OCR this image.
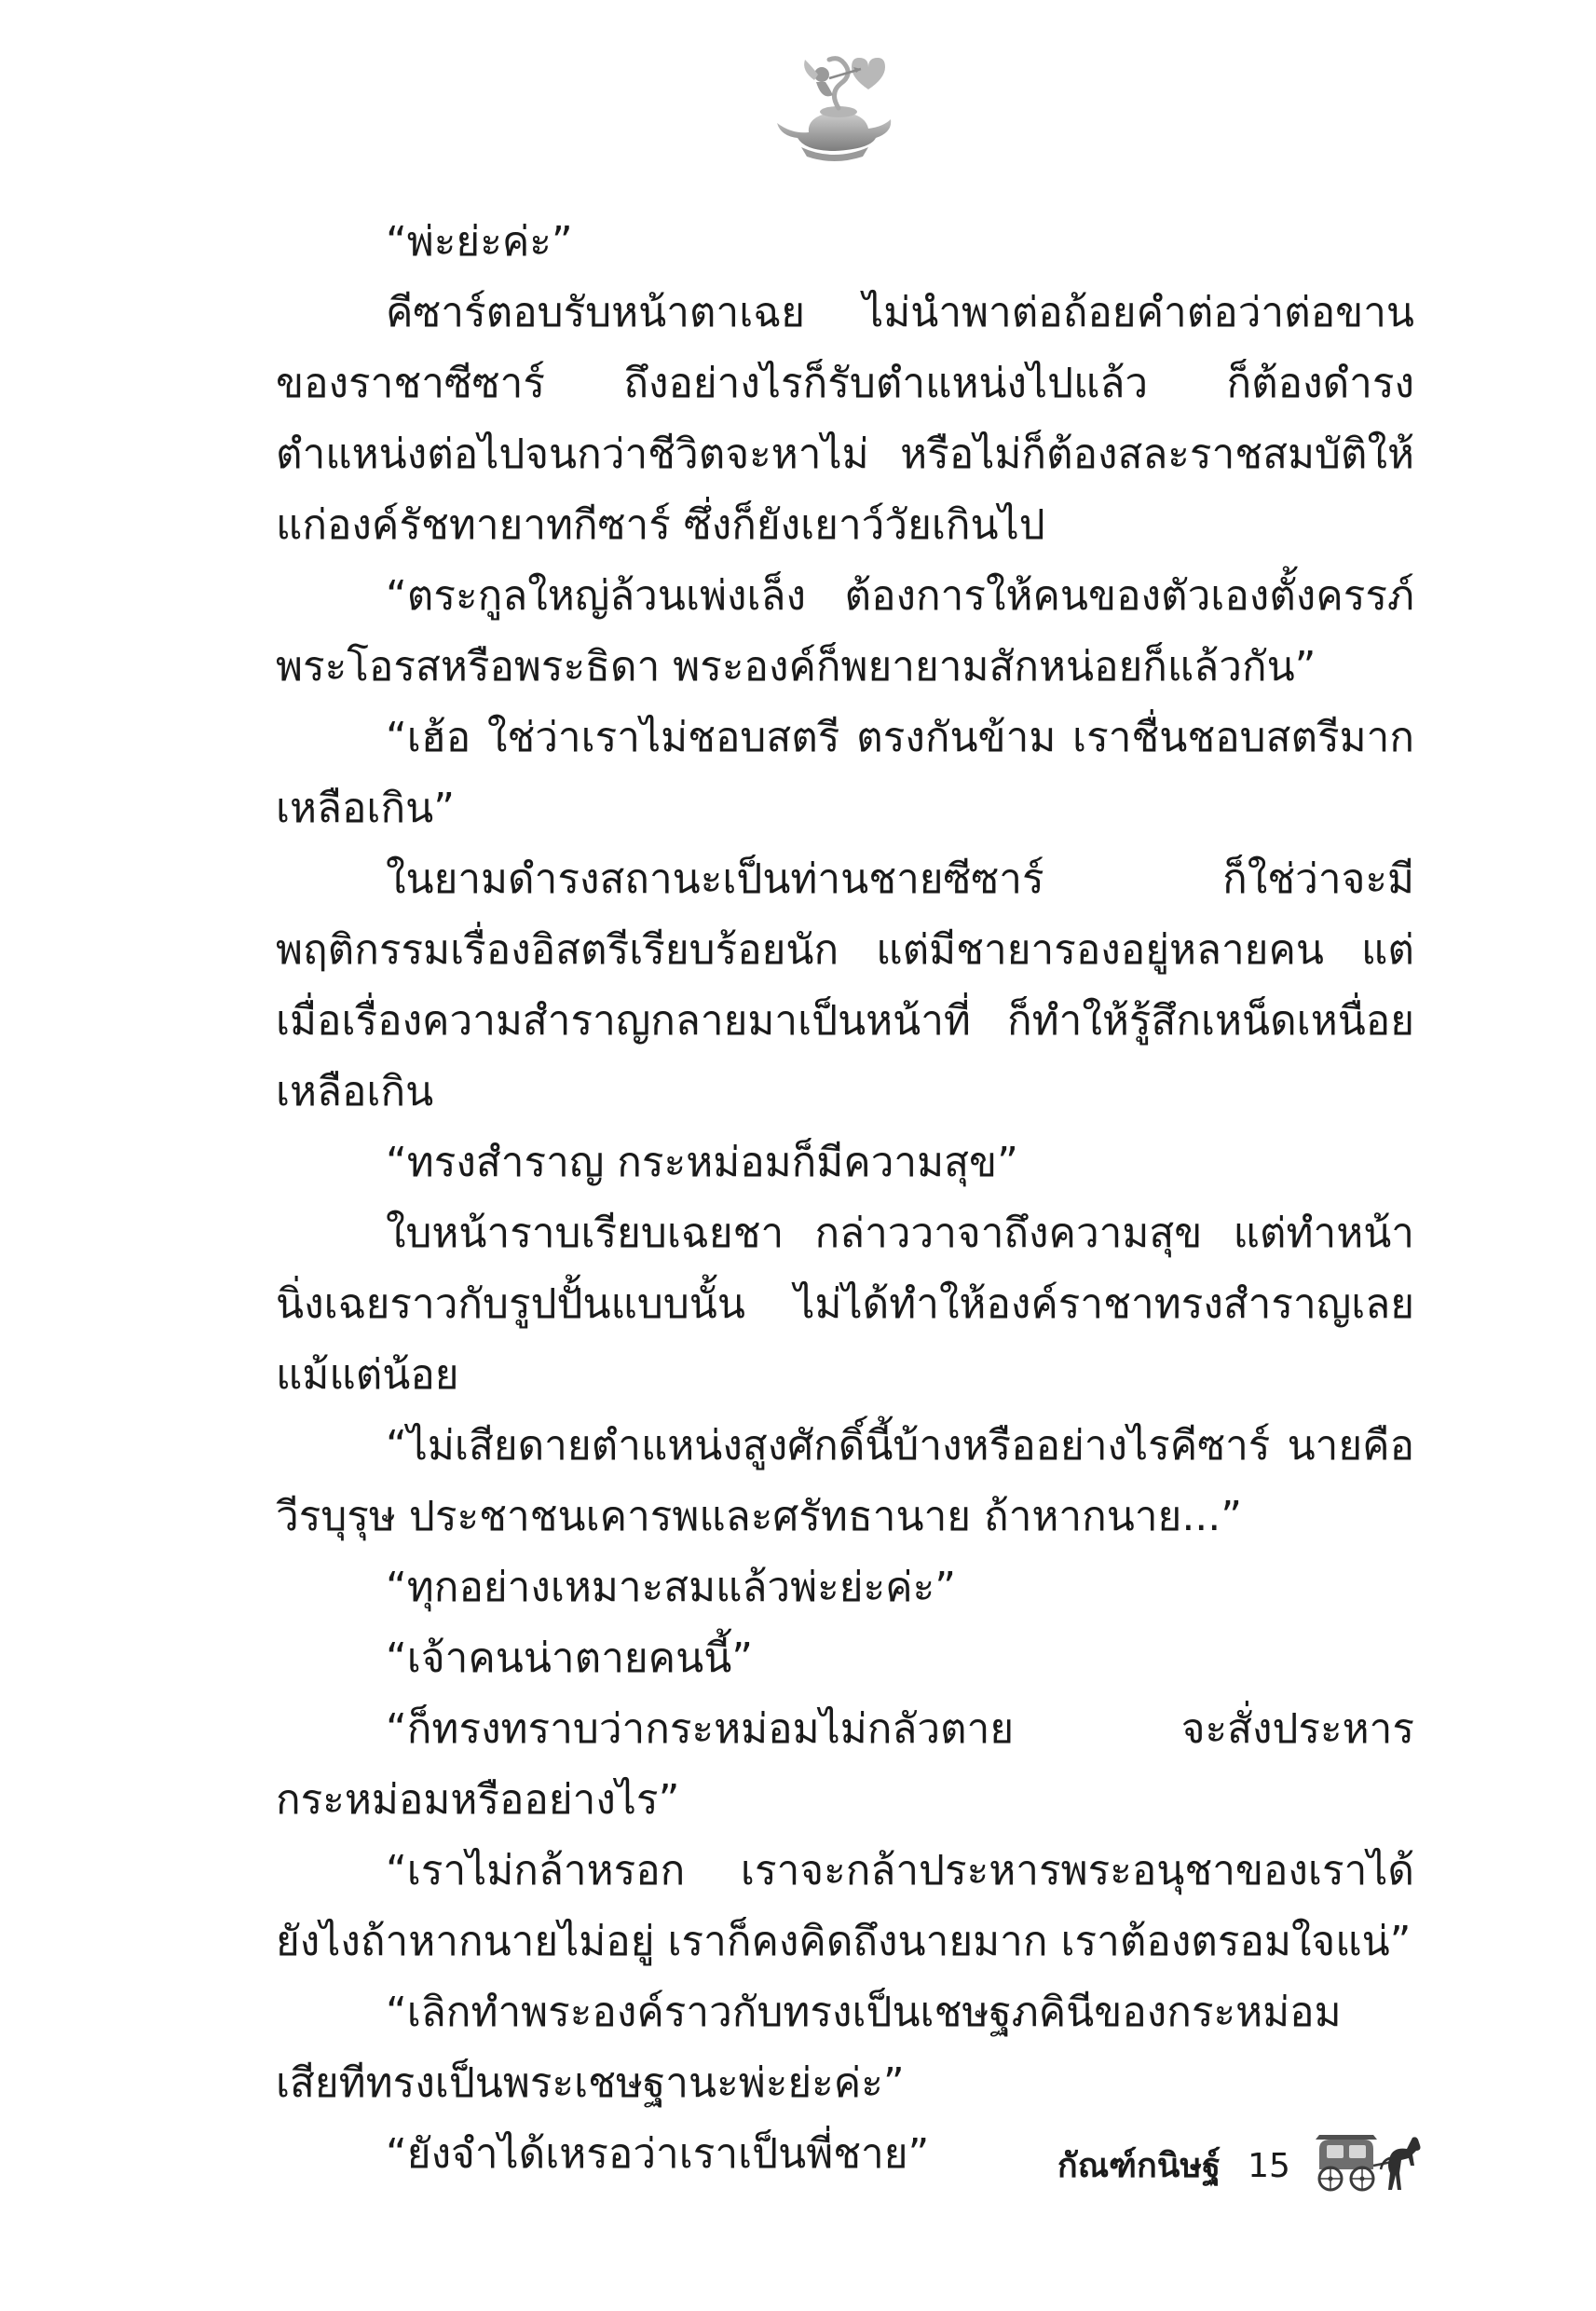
“พ่ะย่ะค่ะ”

คีซาร์ตอบรับหน้าตาเฉย ไม่นำพาต่อถ้อยคำต่อว่าต่อขานของราชาซีซาร์ ถึงอย่างไรก็รับตำแหน่งไปแล้ว ก็ต้องดำรงตำแหน่งต่อไปจนกว่าชีวิตจะหาไม่ หรือไม่ก็ต้องสละราชสมบัติให้แก่องค์รัชทายาทกีซาร์ ซึ่งก็ยังเยาว์วัยเกินไป

“ตระกูลใหญ่ล้วนเพ่งเล็ง ต้องการให้คนของตัวเองตั้งครรภ์พระโอรสหรือพระธิดา พระองค์ก็พยายามสักหน่อยก็แล้วกัน”

“เฮ้อ ใช่ว่าเราไม่ชอบสตรี ตรงกันข้าม เราชื่นชอบสตรีมากเหลือเกิน”

ในยามดำรงสถานะเป็นท่านชายซีซาร์ ก็ใช่ว่าจะมีพฤติกรรมเรื่องอิสตรีเรียบร้อยนัก แต่มีชายารองอยู่หลายคน แต่เมื่อเรื่องความสำราญกลายมาเป็นหน้าที่ ก็ทำให้รู้สึกเหน็ดเหนื่อยเหลือเกิน

“ทรงสำราญ กระหม่อมก็มีความสุข”

ใบหน้าราบเรียบเฉยชา กล่าววาจาถึงความสุข แต่ทำหน้านิ่งเฉยราวกับรูปปั้นแบบนั้น ไม่ได้ทำให้องค์ราชาทรงสำราญเลยแม้แต่น้อย

“ไม่เสียดายตำแหน่งสูงศักดิ์นี้บ้างหรืออย่างไรคีซาร์ นายคือวีรบุรุษ ประชาชนเคารพและศรัทธานาย ถ้าหากนาย...”

“ทุกอย่างเหมาะสมแล้วพ่ะย่ะค่ะ”

“เจ้าคนน่าตายคนนี้”

“ก็ทรงทราบว่ากระหม่อมไม่กลัวตาย จะสั่งประหารกระหม่อมหรืออย่างไร”

“เราไม่กล้าหรอก เราจะกล้าประหารพระอนุชาของเราได้ยังไงถ้าหากนายไม่อยู่ เราก็คงคิดถึงนายมาก เราต้องตรอมใจแน่”

“เลิกทำพระองค์ราวกับทรงเป็นเชษฐภคินีของกระหม่อมเสียทีทรงเป็นพระเชษฐานะพ่ะย่ะค่ะ”

“ยังจำได้เหรอว่าเราเป็นพี่ชาย”	กัณฑ์กนิษฐ์ 15
